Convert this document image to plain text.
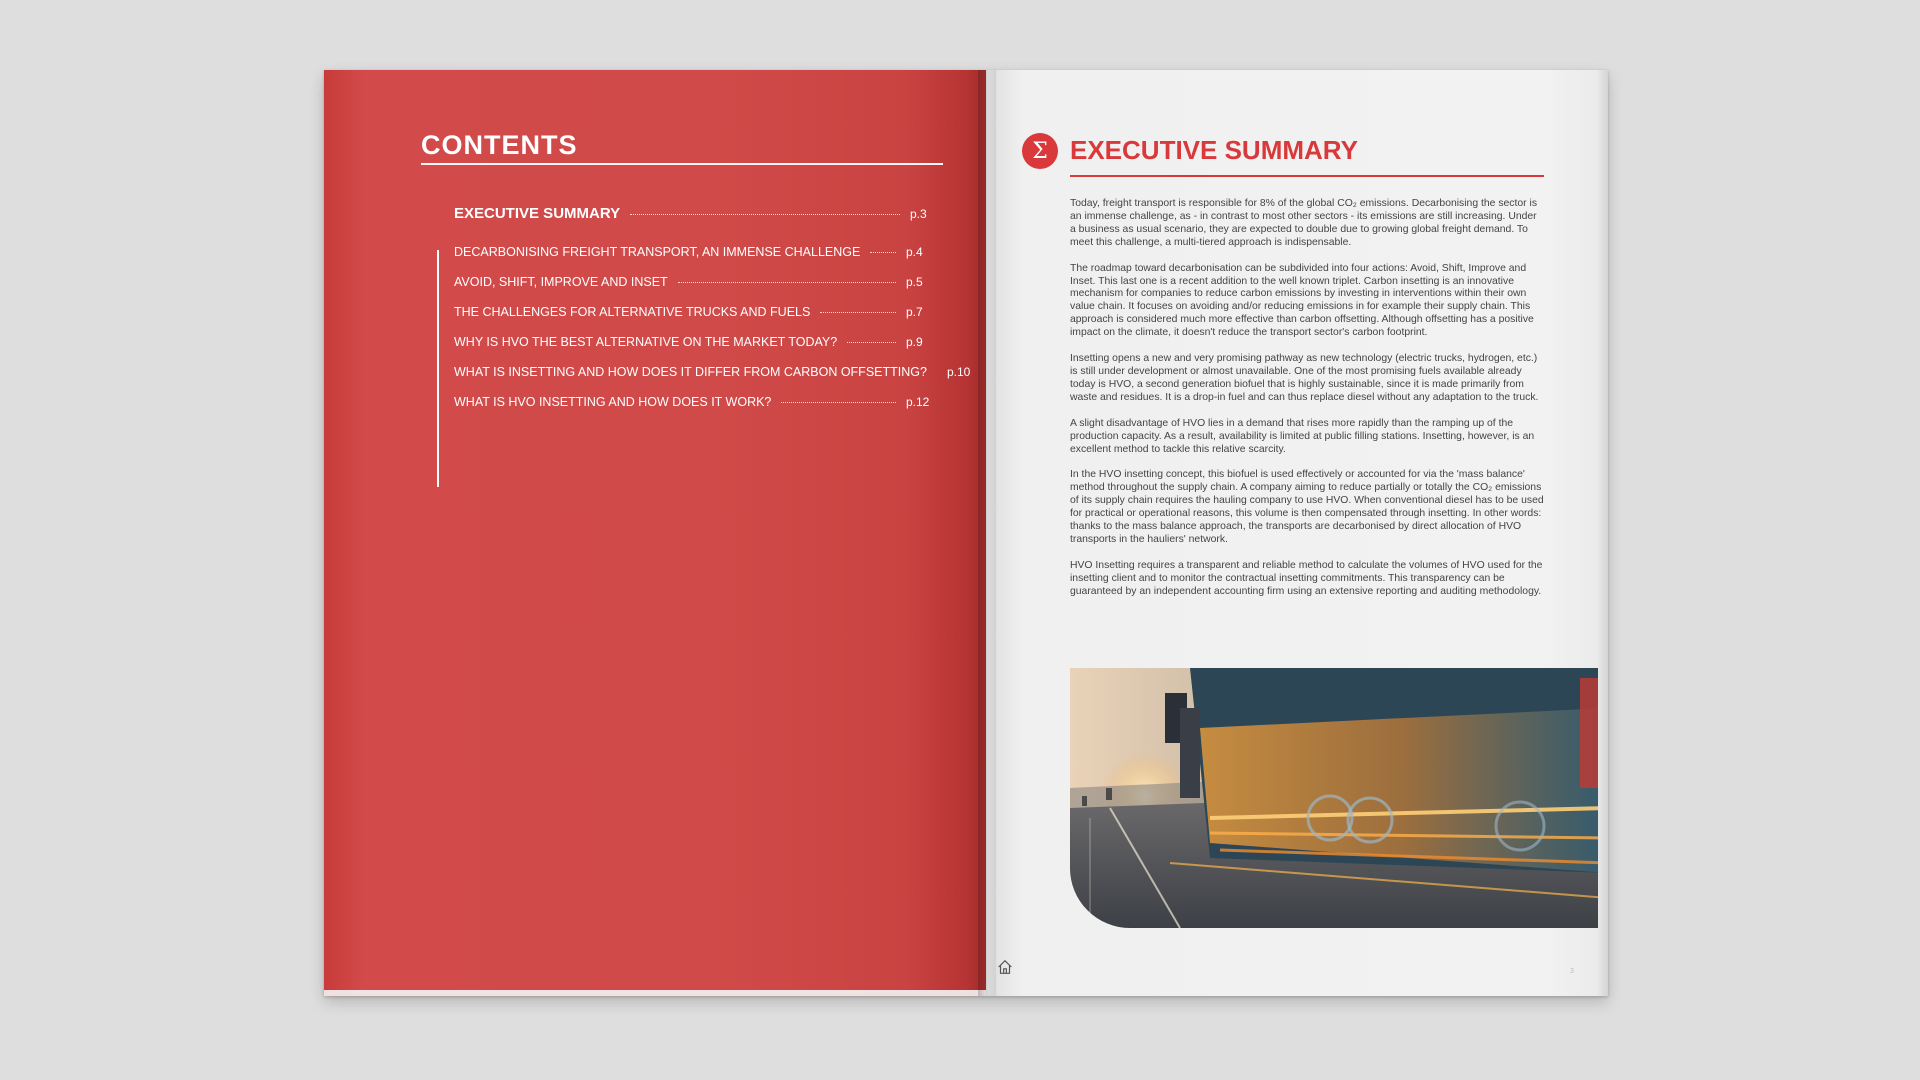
CONTENTS
EXECUTIVE SUMMARY	p.3
DECARBONISING FREIGHT TRANSPORT, AN IMMENSE CHALLENGE	p.4
AVOID, SHIFT, IMPROVE AND INSET	p.5
THE CHALLENGES FOR ALTERNATIVE TRUCKS AND FUELS	p.7
WHY IS HVO THE BEST ALTERNATIVE ON THE MARKET TODAY?	p.9
WHAT IS INSETTING AND HOW DOES IT DIFFER FROM CARBON OFFSETTING? p.10
WHAT IS HVO INSETTING AND HOW DOES IT WORK?	p.12
Σ EXECUTIVE SUMMARY

Today, freight transport is responsible for 8% of the global CO₂ emissions. Decarbonising the sector is an immense challenge, as - in contrast to most other sectors - its emissions are still increasing. Under a business as usual scenario, they are expected to double due to growing global freight demand. To meet this challenge, a multi-tiered approach is indispensable.

The roadmap toward decarbonisation can be subdivided into four actions: Avoid, Shift, Improve and Inset. This last one is a recent addition to the well known triplet. Carbon insetting is an innovative mechanism for companies to reduce carbon emissions by investing in interventions within their own value chain. It focuses on avoiding and/or reducing emissions in for example their supply chain. This approach is considered much more effective than carbon offsetting. Although offsetting has a positive impact on the climate, it doesn't reduce the transport sector's carbon footprint.

Insetting opens a new and very promising pathway as new technology (electric trucks, hydrogen, etc.) is still under development or almost unavailable. One of the most promising fuels available already today is HVO, a second generation biofuel that is highly sustainable, since it is made primarily from waste and residues. It is a drop-in fuel and can thus replace diesel without any adaptation to the truck.

A slight disadvantage of HVO lies in a demand that rises more rapidly than the ramping up of the production capacity. As a result, availability is limited at public filling stations. Insetting, however, is an excellent method to tackle this relative scarcity.

In the HVO insetting concept, this biofuel is used effectively or accounted for via the 'mass balance' method throughout the supply chain. A company aiming to reduce partially or totally the CO₂ emissions of its supply chain requires the hauling company to use HVO. When conventional diesel has to be used for practical or operational reasons, this volume is then compensated through insetting. In other words: thanks to the mass balance approach, the transports are decarbonised by direct allocation of HVO transports in the hauliers' network.

HVO Insetting requires a transparent and reliable method to calculate the volumes of HVO used for the insetting client and to monitor the contractual insetting commitments. This transparency can be guaranteed by an independent accounting firm using an extensive reporting and auditing methodology.

3
